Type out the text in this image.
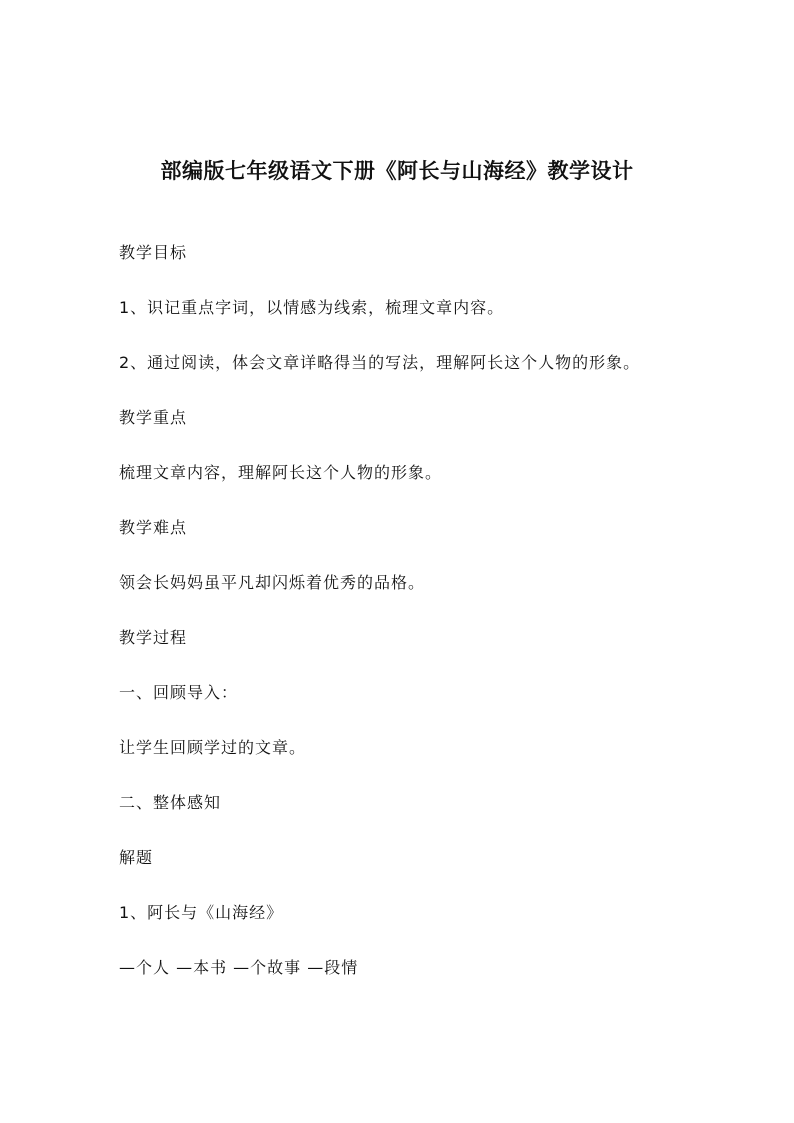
部编版七年级语文下册《阿长与山海经》教学设计
教学目标
1、识记重点字词，以情感为线索，梳理文章内容。
2、通过阅读，体会文章详略得当的写法，理解阿长这个人物的形象。
教学重点
梳理文章内容，理解阿长这个人物的形象。
教学难点
领会长妈妈虽平凡却闪烁着优秀的品格。
教学过程
一、回顾导入：
让学生回顾学过的文章。
二、整体感知
解题
1、阿长与《山海经》
—个人 —本书 —个故事 —段情
